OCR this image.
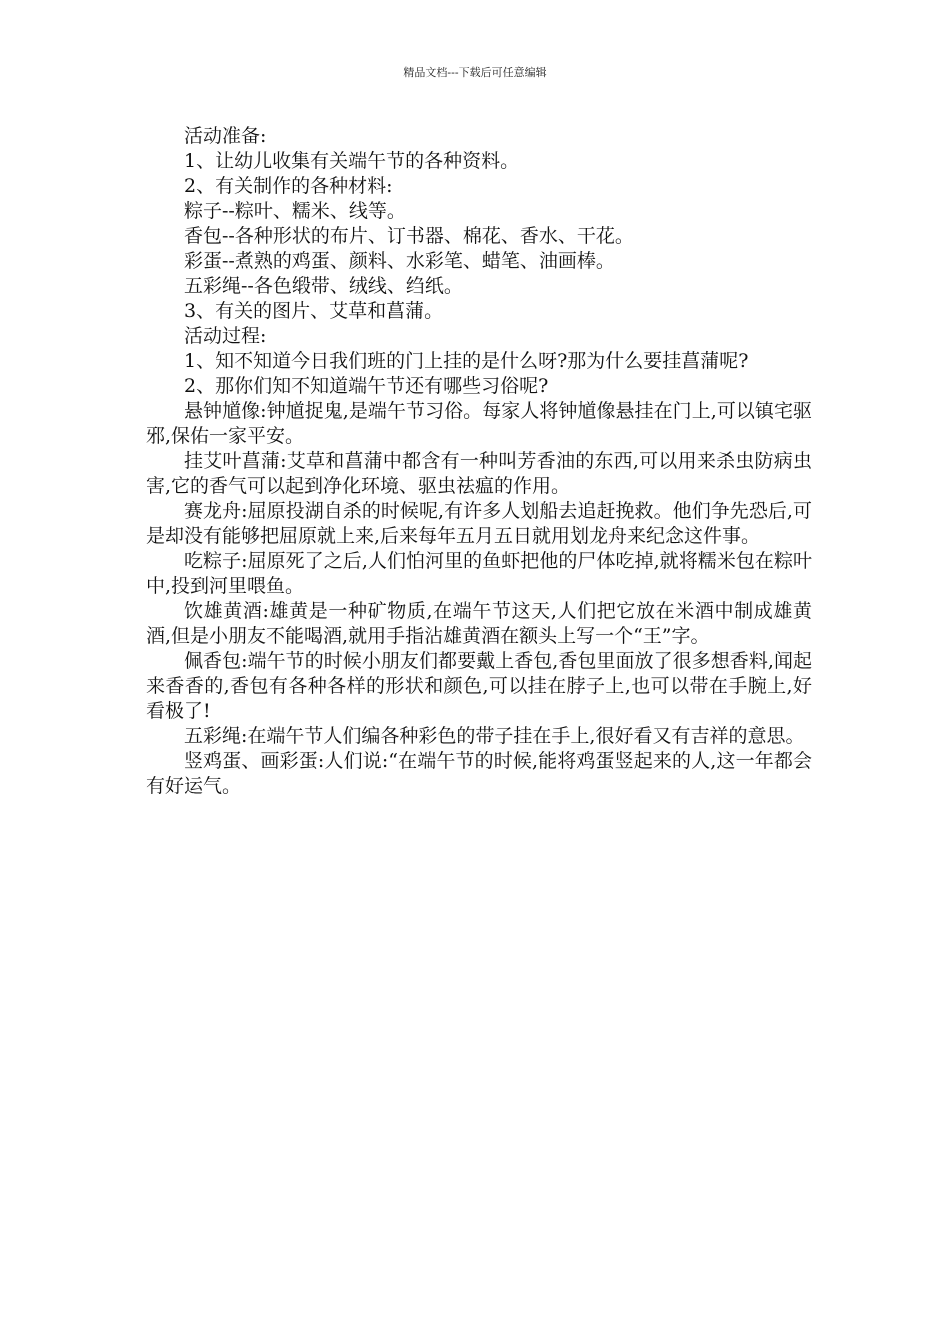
精品文档---下载后可任意编辑

活动准备:

1、让幼儿收集有关端午节的各种资料。

2、有关制作的各种材料:

粽子--粽叶、糯米、线等。

香包--各种形状的布片、订书器、棉花、香水、干花。

彩蛋--煮熟的鸡蛋、颜料、水彩笔、蜡笔、油画棒。

五彩绳--各色缎带、绒线、绉纸。

3、有关的图片、艾草和菖蒲。

活动过程:

1、知不知道今日我们班的门上挂的是什么呀?那为什么要挂菖蒲呢?

2、那你们知不知道端午节还有哪些习俗呢?

悬钟馗像:钟馗捉鬼,是端午节习俗。每家人将钟馗像悬挂在门上,可以镇宅驱邪,保佑一家平安。

挂艾叶菖蒲:艾草和菖蒲中都含有一种叫芳香油的东西,可以用来杀虫防病虫害,它的香气可以起到净化环境、驱虫祛瘟的作用。

赛龙舟:屈原投湖自杀的时候呢,有许多人划船去追赶挽救。他们争先恐后,可是却没有能够把屈原就上来,后来每年五月五日就用划龙舟来纪念这件事。

吃粽子:屈原死了之后,人们怕河里的鱼虾把他的尸体吃掉,就将糯米包在粽叶中,投到河里喂鱼。

饮雄黄酒:雄黄是一种矿物质,在端午节这天,人们把它放在米酒中制成雄黄酒,但是小朋友不能喝酒,就用手指沾雄黄酒在额头上写一个“王”字。

佩香包:端午节的时候小朋友们都要戴上香包,香包里面放了很多想香料,闻起来香香的,香包有各种各样的形状和颜色,可以挂在脖子上,也可以带在手腕上,好看极了!

五彩绳:在端午节人们编各种彩色的带子挂在手上,很好看又有吉祥的意思。

竖鸡蛋、画彩蛋:人们说:“在端午节的时候,能将鸡蛋竖起来的人,这一年都会有好运气。
